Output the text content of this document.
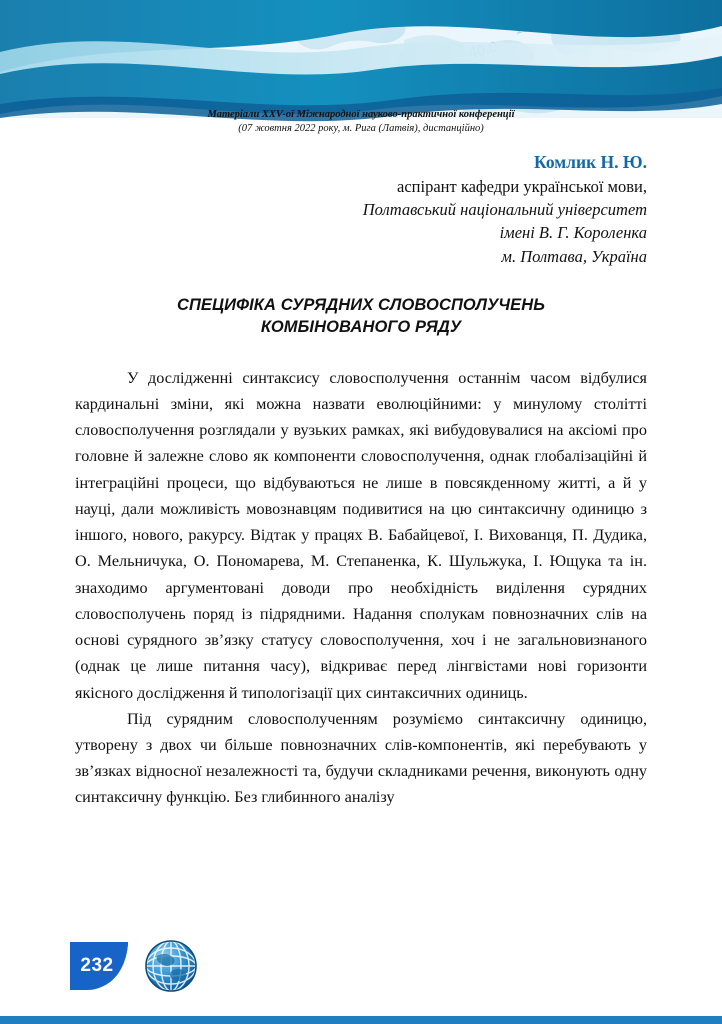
Матеріали XXV-ої Міжнародної науково-практичної конференції
(07 жовтня 2022 року, м. Рига (Латвія), дистанційно)
Комлик Н. Ю.
аспірант кафедри української мови,
Полтавський національний університет
імені В. Г. Короленка
м. Полтава, Україна
СПЕЦИФІКА СУРЯДНИХ СЛОВОСПОЛУЧЕНЬ
КОМБІНОВАНОГО РЯДУ

У дослідженні синтаксису словосполучення останнім часом відбулися кардинальні зміни, які можна назвати еволюційними: у минулому столітті словосполучення розглядали у вузьких рамках, які вибудовувалися на аксіомі про головне й залежне слово як компоненти словосполучення, однак глобалізаційні й інтеграційні процеси, що відбуваються не лише в повсякденному житті, а й у науці, дали можливість мовознавцям подивитися на цю синтаксичну одиницю з іншого, нового, ракурсу. Відтак у працях В. Бабайцевої, І. Вихованця, П. Дудика, О. Мельничука, О. Пономарева, М. Степаненка, К. Шульжука, І. Ющука та ін. знаходимо аргументовані доводи про необхідність виділення сурядних словосполучень поряд із підрядними. Надання сполукам повнозначних слів на основі сурядного зв’язку статусу словосполучення, хоч і не загальновизнаного (однак це лише питання часу), відкриває перед лінгвістами нові горизонти якісного дослідження й типологізації цих синтаксичних одиниць.

Під сурядним словосполученням розуміємо синтаксичну одиницю, утворену з двох чи більше повнозначних слів-компонентів, які перебувають у зв’язках відносної незалежності та, будучи складниками речення, виконують одну синтаксичну функцію. Без глибинного аналізу

232
